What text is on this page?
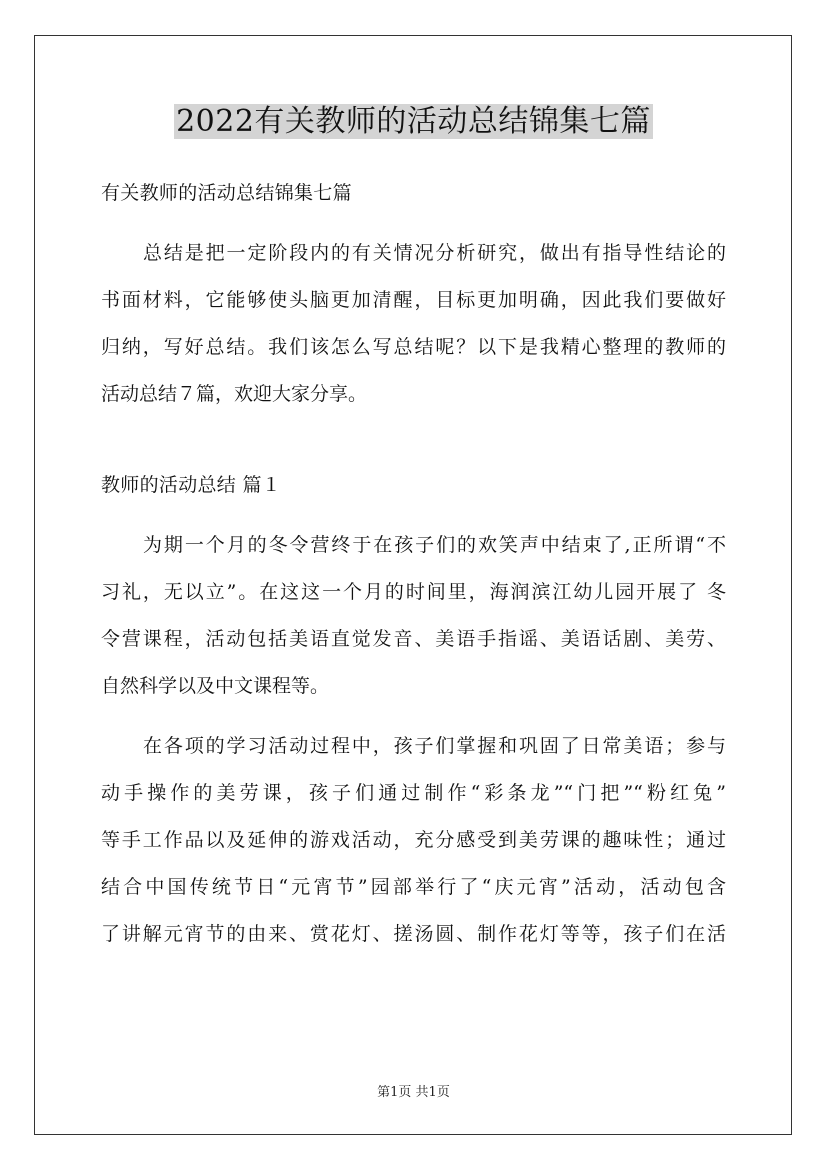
2022有关教师的活动总结锦集七篇
有关教师的活动总结锦集七篇
总结是把一定阶段内的有关情况分析研究，做出有指导性结论的
书面材料，它能够使头脑更加清醒，目标更加明确，因此我们要做好
归纳，写好总结。我们该怎么写总结呢？以下是我精心整理的教师的
活动总结７篇，欢迎大家分享。
教师的活动总结 篇１
为期一个月的冬令营终于在孩子们的欢笑声中结束了,正所谓“不
习礼，无以立”。在这这一个月的时间里，海润滨江幼儿园开展了 冬
令营课程，活动包括美语直觉发音、美语手指谣、美语话剧、美劳、
自然科学以及中文课程等。
在各项的学习活动过程中，孩子们掌握和巩固了日常美语；参与
动手操作的美劳课，孩子们通过制作“彩条龙”“门把”“粉红兔”
等手工作品以及延伸的游戏活动，充分感受到美劳课的趣味性；通过
结合中国传统节日“元宵节”园部举行了“庆元宵”活动，活动包含
了讲解元宵节的由来、赏花灯、搓汤圆、制作花灯等等，孩子们在活
第1页 共1页
